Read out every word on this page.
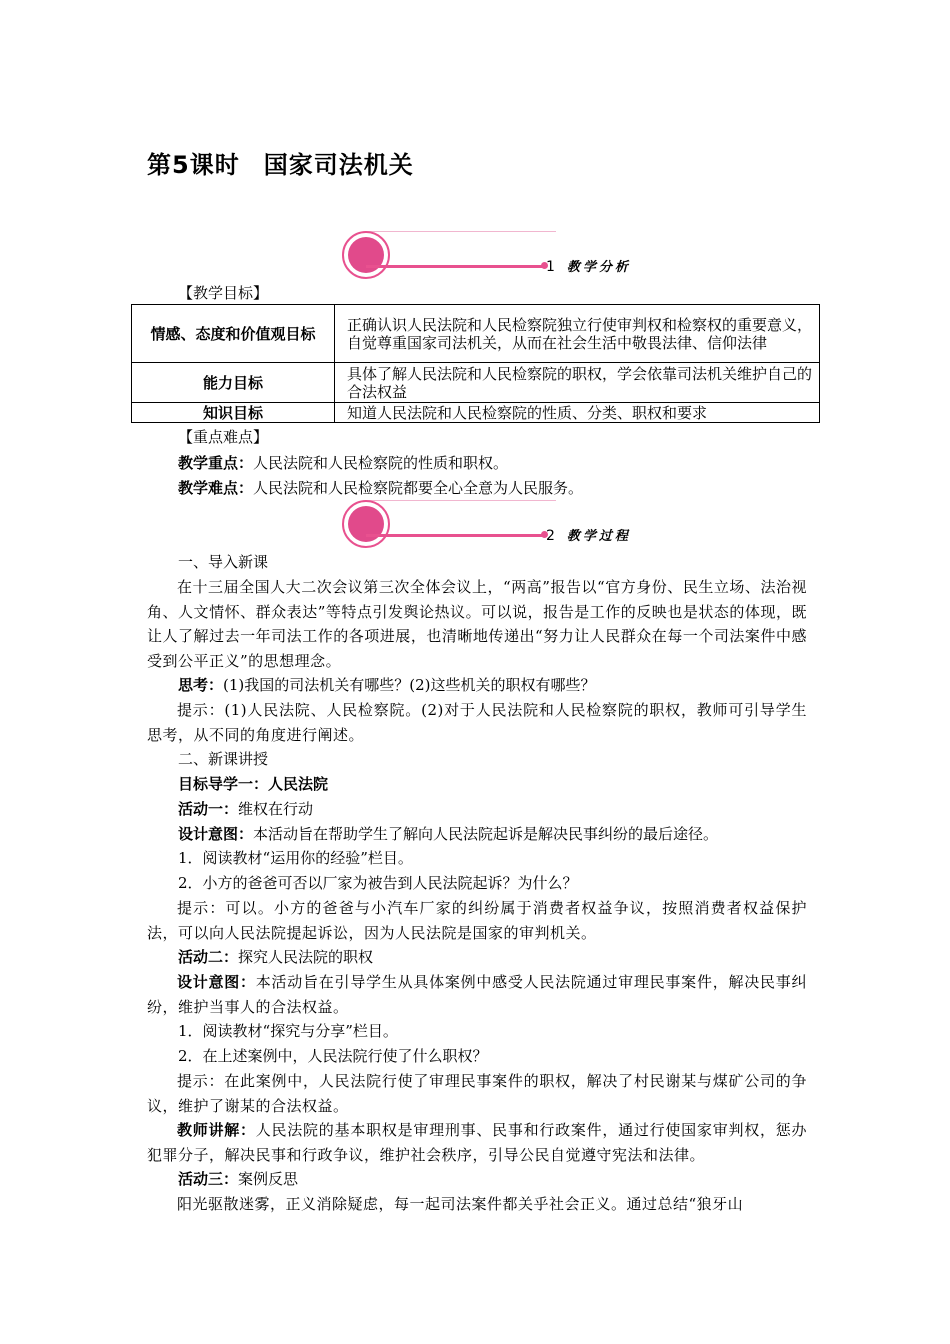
第5课时 国家司法机关
1 教学分析
【教学目标】
情感、态度和价值观目标	正确认识人民法院和人民检察院独立行使审判权和检察权的重要意义，自觉尊重国家司法机关，从而在社会生活中敬畏法律、信仰法律
能力目标	具体了解人民法院和人民检察院的职权，学会依靠司法机关维护自己的合法权益
知识目标	知道人民法院和人民检察院的性质、分类、职权和要求
【重点难点】
教学重点：人民法院和人民检察院的性质和职权。
教学难点：人民法院和人民检察院都要全心全意为人民服务。
2 教学过程
一、导入新课
在十三届全国人大二次会议第三次全体会议上，“两高”报告以“官方身份、民生立场、法治视角、人文情怀、群众表达”等特点引发舆论热议。可以说，报告是工作的反映也是状态的体现，既让人了解过去一年司法工作的各项进展，也清晰地传递出“努力让人民群众在每一个司法案件中感受到公平正义”的思想理念。
思考：(1)我国的司法机关有哪些？(2)这些机关的职权有哪些？
提示：(1)人民法院、人民检察院。(2)对于人民法院和人民检察院的职权，教师可引导学生思考，从不同的角度进行阐述。
二、新课讲授
目标导学一：人民法院
活动一：维权在行动
设计意图：本活动旨在帮助学生了解向人民法院起诉是解决民事纠纷的最后途径。
1．阅读教材“运用你的经验”栏目。
2．小方的爸爸可否以厂家为被告到人民法院起诉？为什么？
提示：可以。小方的爸爸与小汽车厂家的纠纷属于消费者权益争议，按照消费者权益保护法，可以向人民法院提起诉讼，因为人民法院是国家的审判机关。
活动二：探究人民法院的职权
设计意图：本活动旨在引导学生从具体案例中感受人民法院通过审理民事案件，解决民事纠纷，维护当事人的合法权益。
1．阅读教材“探究与分享”栏目。
2．在上述案例中，人民法院行使了什么职权？
提示：在此案例中，人民法院行使了审理民事案件的职权，解决了村民谢某与煤矿公司的争议，维护了谢某的合法权益。
教师讲解：人民法院的基本职权是审理刑事、民事和行政案件，通过行使国家审判权，惩办犯罪分子，解决民事和行政争议，维护社会秩序，引导公民自觉遵守宪法和法律。
活动三：案例反思
阳光驱散迷雾，正义消除疑虑，每一起司法案件都关乎社会正义。通过总结“狼牙山
